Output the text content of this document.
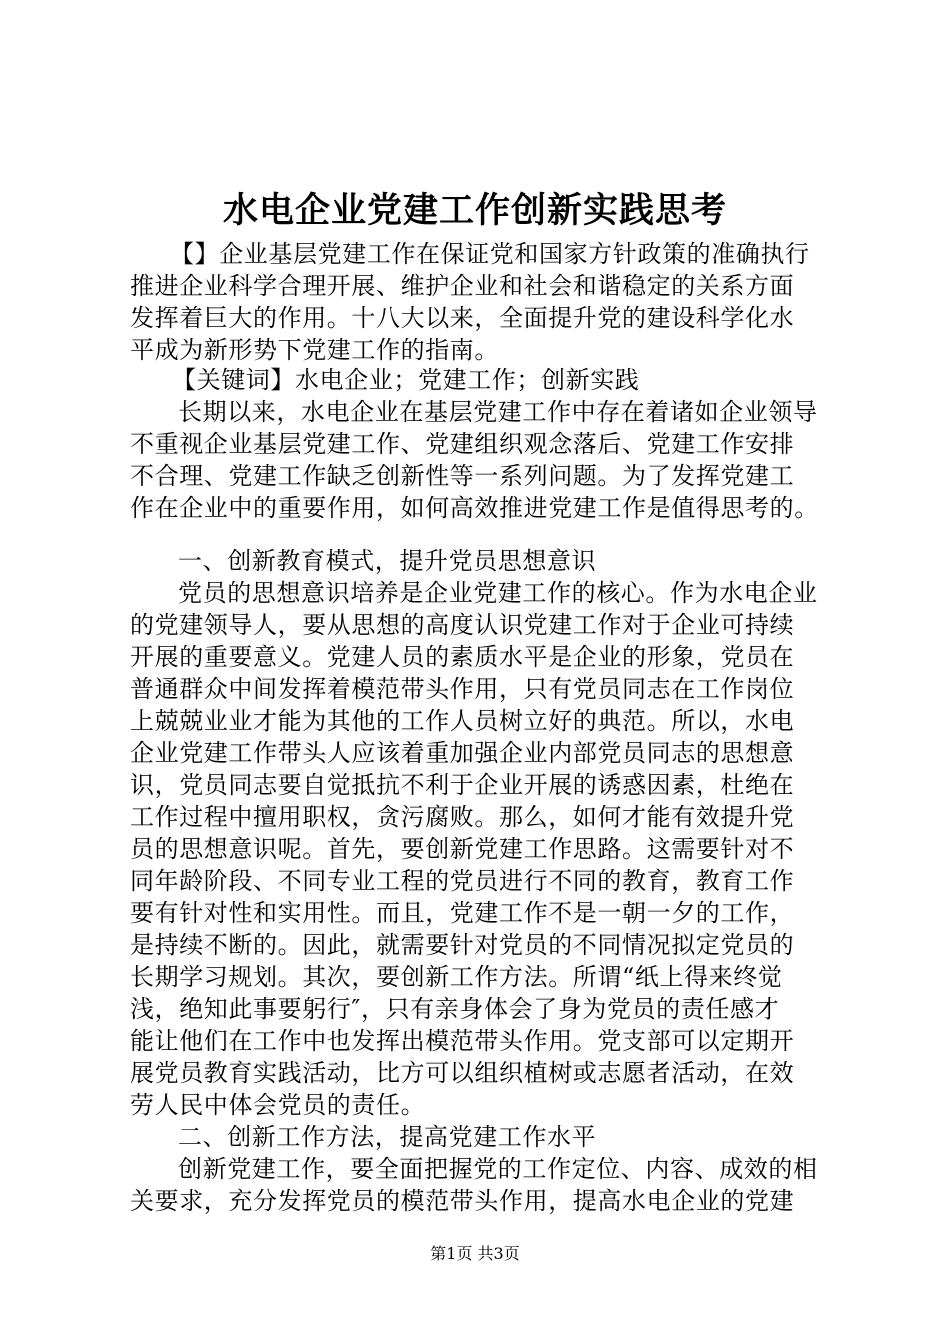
水电企业党建工作创新实践思考
【】企业基层党建工作在保证党和国家方针政策的准确执行
推进企业科学合理开展、维护企业和社会和谐稳定的关系方面
发挥着巨大的作用。十八大以来，全面提升党的建设科学化水
平成为新形势下党建工作的指南。
【关键词】水电企业；党建工作；创新实践
长期以来，水电企业在基层党建工作中存在着诸如企业领导
不重视企业基层党建工作、党建组织观念落后、党建工作安排
不合理、党建工作缺乏创新性等一系列问题。为了发挥党建工
作在企业中的重要作用，如何高效推进党建工作是值得思考的。
一、创新教育模式，提升党员思想意识
党员的思想意识培养是企业党建工作的核心。作为水电企业
的党建领导人，要从思想的高度认识党建工作对于企业可持续
开展的重要意义。党建人员的素质水平是企业的形象，党员在
普通群众中间发挥着模范带头作用，只有党员同志在工作岗位
上兢兢业业才能为其他的工作人员树立好的典范。所以，水电
企业党建工作带头人应该着重加强企业内部党员同志的思想意
识，党员同志要自觉抵抗不利于企业开展的诱惑因素，杜绝在
工作过程中擅用职权，贪污腐败。那么，如何才能有效提升党
员的思想意识呢。首先，要创新党建工作思路。这需要针对不
同年龄阶段、不同专业工程的党员进行不同的教育，教育工作
要有针对性和实用性。而且，党建工作不是一朝一夕的工作，
是持续不断的。因此，就需要针对党员的不同情况拟定党员的
长期学习规划。其次，要创新工作方法。所谓“纸上得来终觉
浅，绝知此事要躬行″，只有亲身体会了身为党员的责任感才
能让他们在工作中也发挥出模范带头作用。党支部可以定期开
展党员教育实践活动，比方可以组织植树或志愿者活动，在效
劳人民中体会党员的责任。
二、创新工作方法，提高党建工作水平
创新党建工作，要全面把握党的工作定位、内容、成效的相
关要求，充分发挥党员的模范带头作用，提高水电企业的党建
第1页 共3页
